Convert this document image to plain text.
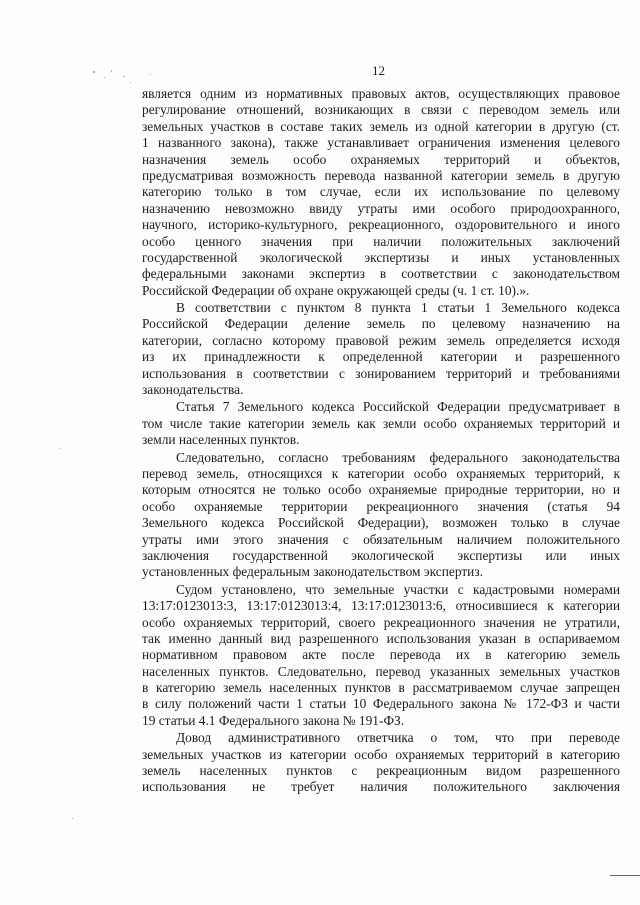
12

является одним из нормативных правовых актов, осуществляющих правовое
регулирование отношений, возникающих в связи с переводом земель или
земельных участков в составе таких земель из одной категории в другую (ст.
1 названного закона), также устанавливает ограничения изменения целевого
назначения земель особо охраняемых территорий и объектов,
предусматривая возможность перевода названной категории земель в другую
категорию только в том случае, если их использование по целевому
назначению невозможно ввиду утраты ими особого природоохранного,
научного, историко-культурного, рекреационного, оздоровительного и иного
особо ценного значения при наличии положительных заключений
государственной экологической экспертизы и иных установленных
федеральными законами экспертиз в соответствии с законодательством
Российской Федерации об охране окружающей среды (ч. 1 ст. 10).».

В соответствии с пунктом 8 пункта 1 статьи 1 Земельного кодекса
Российской Федерации деление земель по целевому назначению на
категории, согласно которому правовой режим земель определяется исходя
из их принадлежности к определенной категории и разрешенного
использования в соответствии с зонированием территорий и требованиями
законодательства.

Статья 7 Земельного кодекса Российской Федерации предусматривает в
том числе такие категории земель как земли особо охраняемых территорий и
земли населенных пунктов.

Следовательно, согласно требованиям федерального законодательства
перевод земель, относящихся к категории особо охраняемых территорий, к
которым относятся не только особо охраняемые природные территории, но и
особо охраняемые территории рекреационного значения (статья 94
Земельного кодекса Российской Федерации), возможен только в случае
утраты ими этого значения с обязательным наличием положительного
заключения государственной экологической экспертизы или иных
установленных федеральным законодательством экспертиз.

Судом установлено, что земельные участки с кадастровыми номерами
13:17:0123013:3, 13:17:0123013:4, 13:17:0123013:6, относившиеся к категории
особо охраняемых территорий, своего рекреационного значения не утратили,
так именно данный вид разрешенного использования указан в оспариваемом
нормативном правовом акте после перевода их в категорию земель
населенных пунктов. Следовательно, перевод указанных земельных участков
в категорию земель населенных пунктов в рассматриваемом случае запрещен
в силу положений части 1 статьи 10 Федерального закона № 172-ФЗ и части
19 статьи 4.1 Федерального закона № 191-ФЗ.

Довод административного ответчика о том, что при переводе
земельных участков из категории особо охраняемых территорий в категорию
земель населенных пунктов с рекреационным видом разрешенного
использования не требует наличия положительного заключения
